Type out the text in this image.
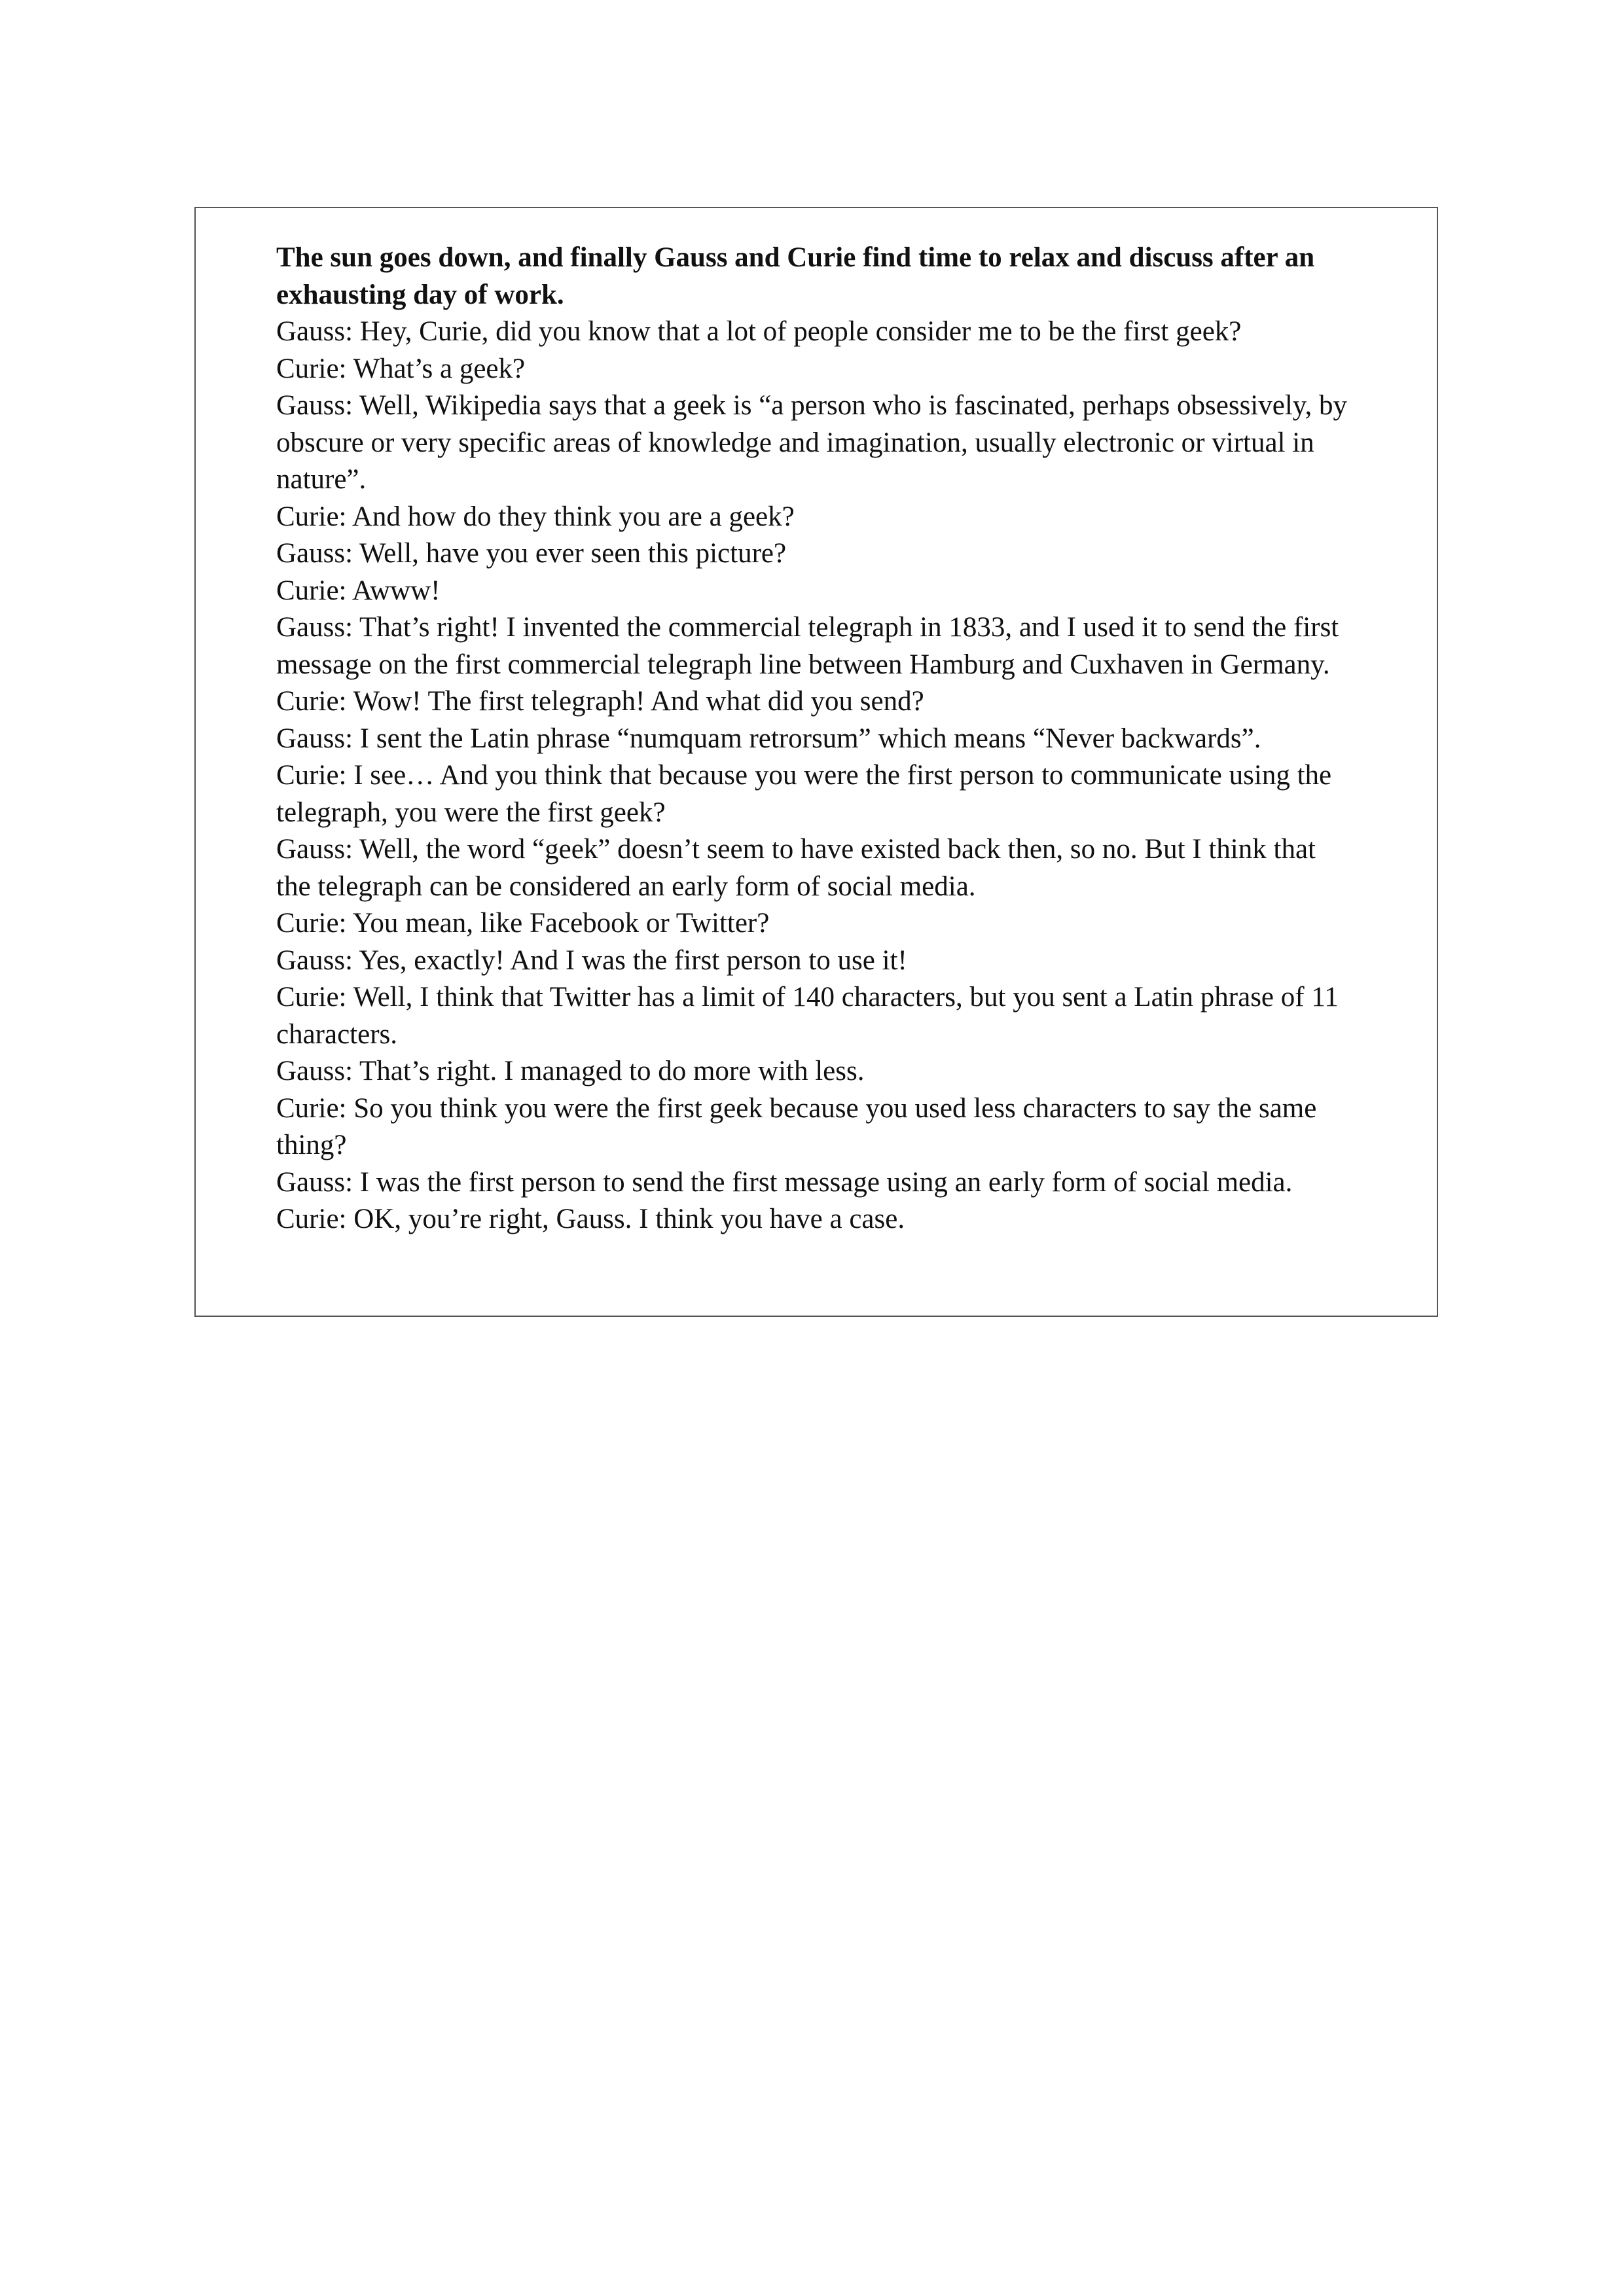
The sun goes down, and finally Gauss and Curie find time to relax and discuss after an exhausting day of work.

Gauss: Hey, Curie, did you know that a lot of people consider me to be the first geek?

Curie: What’s a geek?

Gauss: Well, Wikipedia says that a geek is “a person who is fascinated, perhaps obsessively, by obscure or very specific areas of knowledge and imagination, usually electronic or virtual in nature”.

Curie: And how do they think you are a geek?

Gauss: Well, have you ever seen this picture?

Curie: Awww!

Gauss: That’s right! I invented the commercial telegraph in 1833, and I used it to send the first message on the first commercial telegraph line between Hamburg and Cuxhaven in Germany.

Curie: Wow! The first telegraph! And what did you send?

Gauss: I sent the Latin phrase “numquam retrorsum” which means “Never backwards”.

Curie: I see… And you think that because you were the first person to communicate using the telegraph, you were the first geek?

Gauss: Well, the word “geek” doesn’t seem to have existed back then, so no. But I think that the telegraph can be considered an early form of social media.

Curie: You mean, like Facebook or Twitter?

Gauss: Yes, exactly! And I was the first person to use it!

Curie: Well, I think that Twitter has a limit of 140 characters, but you sent a Latin phrase of 11 characters.

Gauss: That’s right. I managed to do more with less.

Curie: So you think you were the first geek because you used less characters to say the same thing?

Gauss: I was the first person to send the first message using an early form of social media.

Curie: OK, you’re right, Gauss. I think you have a case.
